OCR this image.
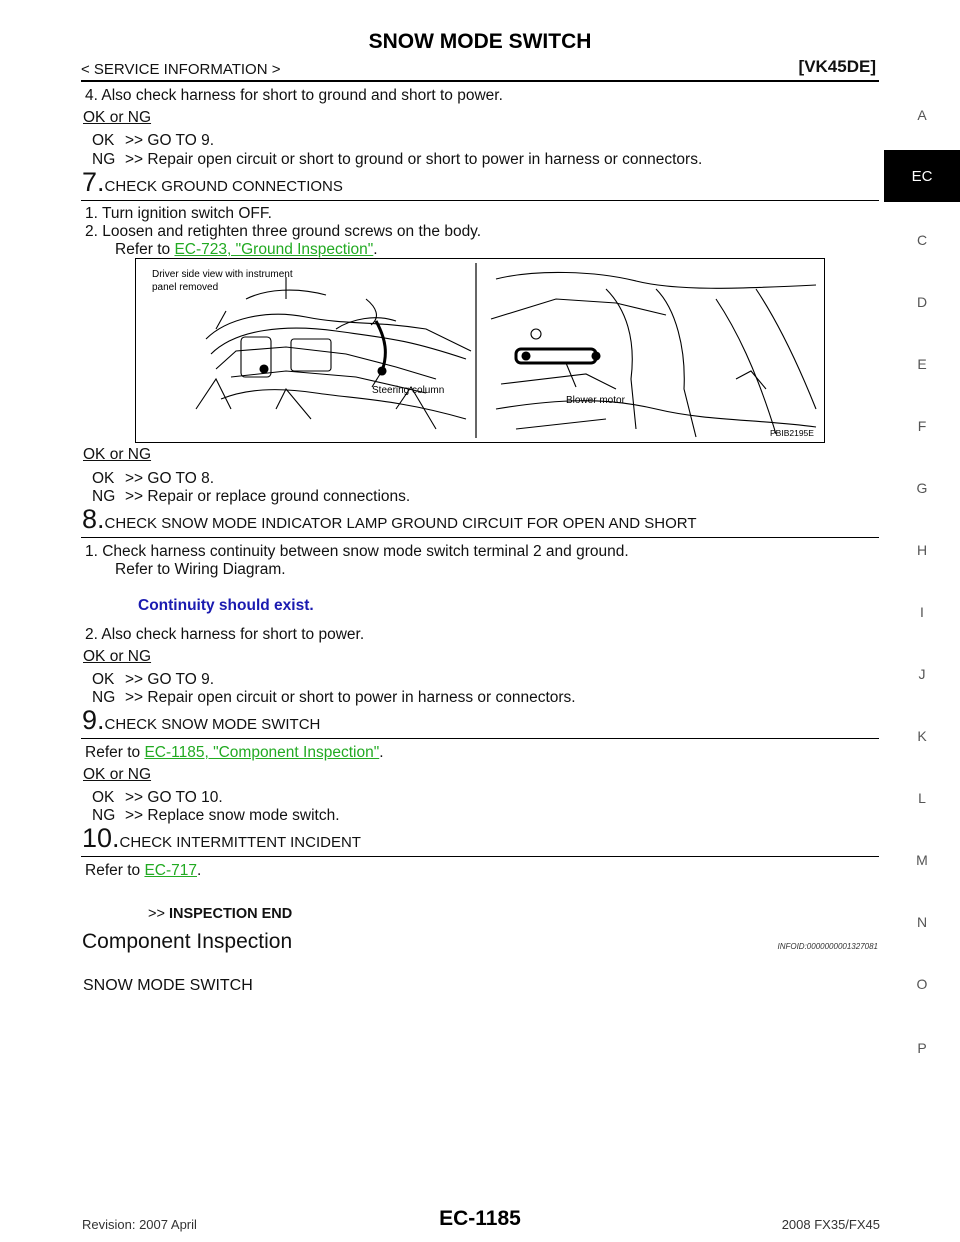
SNOW MODE SWITCH
< SERVICE INFORMATION >	[VK45DE]
4. Also check harness for short to ground and short to power.
OK or NG
OK >> GO TO 9.
NG >> Repair open circuit or short to ground or short to power in harness or connectors.
7.CHECK GROUND CONNECTIONS
1. Turn ignition switch OFF.
2. Loosen and retighten three ground screws on the body.
Refer to EC-723, "Ground Inspection".
Driver side view with instrument
panel removed
Steering column
Blower motor
PBIB2195E
OK or NG
OK >> GO TO 8.
NG >> Repair or replace ground connections.
8.CHECK SNOW MODE INDICATOR LAMP GROUND CIRCUIT FOR OPEN AND SHORT
1. Check harness continuity between snow mode switch terminal 2 and ground.
Refer to Wiring Diagram.
Continuity should exist.
2. Also check harness for short to power.
OK or NG
OK >> GO TO 9.
NG >> Repair open circuit or short to power in harness or connectors.
9.CHECK SNOW MODE SWITCH
Refer to EC-1185, "Component Inspection".
OK or NG
OK >> GO TO 10.
NG >> Replace snow mode switch.
10.CHECK INTERMITTENT INCIDENT
Refer to EC-717.
>> INSPECTION END
Component Inspection	INFOID:0000000001327081
SNOW MODE SWITCH
A
EC
C
D
E
F
G
H
I
J
K
L
M
N
O
P
Revision: 2007 April	EC-1185	2008 FX35/FX45
